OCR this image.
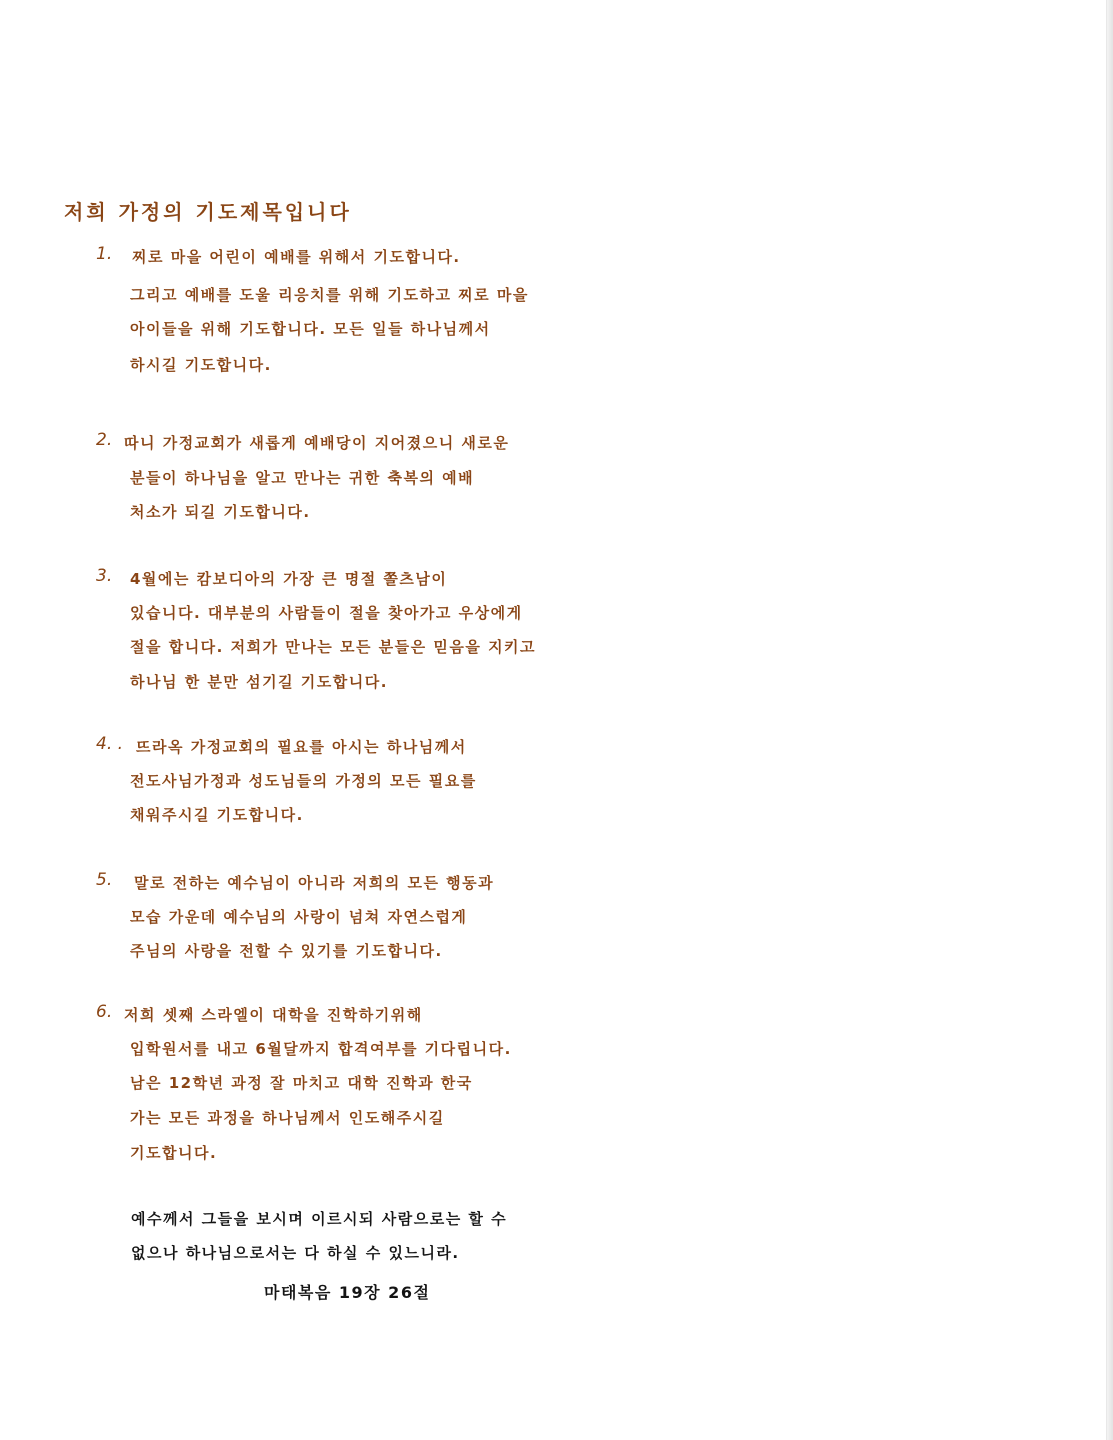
저희 가정의 기도제목입니다
1. 찌로 마을 어린이 예배를 위해서 기도합니다.
그리고 예배를 도울 리응치를 위해 기도하고 찌로 마을
아이들을 위해 기도합니다. 모든 일들 하나님께서
하시길 기도합니다.
2. 따니 가정교회가 새롭게 예배당이 지어졌으니 새로운
분들이 하나님을 알고 만나는 귀한 축복의 예배
처소가 되길 기도합니다.
3. 4월에는 캄보디아의 가장 큰 명절 쫄츠남이
있습니다. 대부분의 사람들이 절을 찾아가고 우상에게
절을 합니다. 저희가 만나는 모든 분들은 믿음을 지키고
하나님 한 분만 섬기길 기도합니다.
4. . 뜨라옥 가정교회의 필요를 아시는 하나님께서
전도사님가정과 성도님들의 가정의 모든 필요를
채워주시길 기도합니다.
5. 말로 전하는 예수님이 아니라 저희의 모든 행동과
모습 가운데 예수님의 사랑이 넘쳐 자연스럽게
주님의 사랑을 전할 수 있기를 기도합니다.
6. 저희 셋째 스라엘이 대학을 진학하기위해
입학원서를 내고 6월달까지 합격여부를 기다립니다.
남은 12학년 과정 잘 마치고 대학 진학과 한국
가는 모든 과정을 하나님께서 인도해주시길
기도합니다.
예수께서 그들을 보시며 이르시되 사람으로는 할 수
없으나 하나님으로서는 다 하실 수 있느니라.
마태복음 19장 26절
